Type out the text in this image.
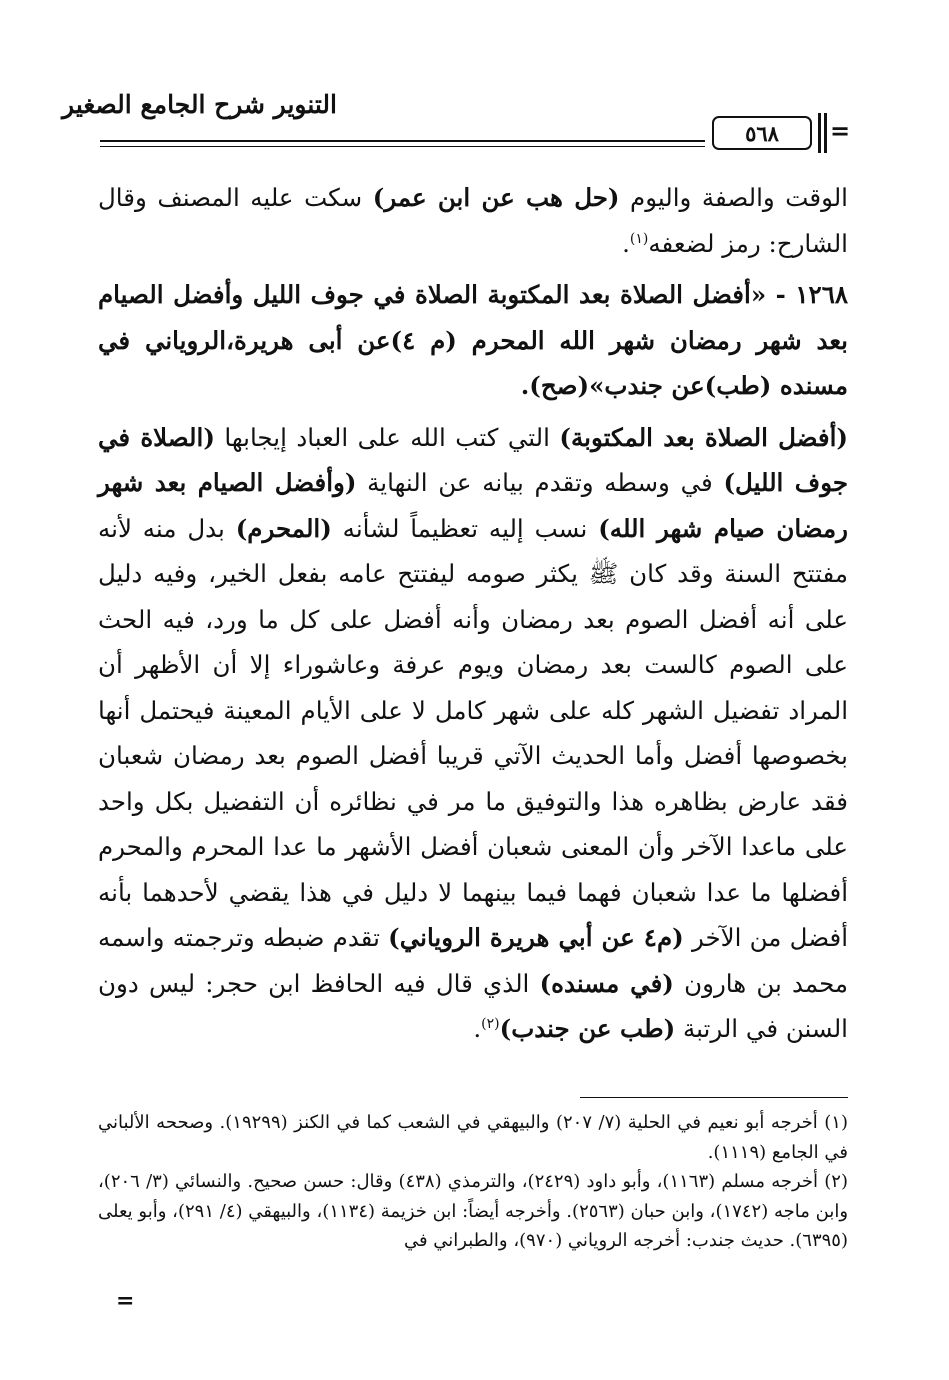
التنوير شرح الجامع الصغير
٥٦٨ =

الوقت والصفة واليوم (حل هب عن ابن عمر) سكت عليه المصنف وقال الشارح: رمز لضعفه$^{(١)}$.

١٢٦٨ - «أفضل الصلاة بعد المكتوبة الصلاة في جوف الليل وأفضل الصيام بعد شهر رمضان شهر الله المحرم (م ٤)عن أبى هريرة،الروياني في مسنده (طب)عن جندب»(صح).

(أفضل الصلاة بعد المكتوبة) التي كتب الله على العباد إيجابها (الصلاة في جوف الليل) في وسطه وتقدم بيانه عن النهاية (وأفضل الصيام بعد شهر رمضان صيام شهر الله) نسب إليه تعظيماً لشأنه (المحرم) بدل منه لأنه مفتتح السنة وقد كان ﷺ يكثر صومه ليفتتح عامه بفعل الخير، وفيه دليل على أنه أفضل الصوم بعد رمضان وأنه أفضل على كل ما ورد، فيه الحث على الصوم كالست بعد رمضان ويوم عرفة وعاشوراء إلا أن الأظهر أن المراد تفضيل الشهر كله على شهر كامل لا على الأيام المعينة فيحتمل أنها بخصوصها أفضل وأما الحديث الآتي قريبا أفضل الصوم بعد رمضان شعبان فقد عارض بظاهره هذا والتوفيق ما مر في نظائره أن التفضيل بكل واحد على ماعدا الآخر وأن المعنى شعبان أفضل الأشهر ما عدا المحرم والمحرم أفضلها ما عدا شعبان فهما فيما بينهما لا دليل في هذا يقضي لأحدهما بأنه أفضل من الآخر (م٤ عن أبي هريرة الروياني) تقدم ضبطه وترجمته واسمه محمد بن هارون (في مسنده) الذي قال فيه الحافظ ابن حجر: ليس دون السنن في الرتبة (طب عن جندب)$^{(٢)}$.

(١) أخرجه أبو نعيم في الحلية (٧/ ٢٠٧) والبيهقي في الشعب كما في الكنز (١٩٢٩٩). وصححه الألباني في الجامع (١١١٩).

(٢) أخرجه مسلم (١١٦٣)، وأبو داود (٢٤٢٩)، والترمذي (٤٣٨) وقال: حسن صحيح. والنسائي (٣/ ٢٠٦)، وابن ماجه (١٧٤٢)، وابن حبان (٢٥٦٣). وأخرجه أيضاً: ابن خزيمة (١١٣٤)، والبيهقي (٤/ ٢٩١)، وأبو يعلى (٦٣٩٥). حديث جندب: أخرجه الروياني (٩٧٠)، والطبراني في

=
